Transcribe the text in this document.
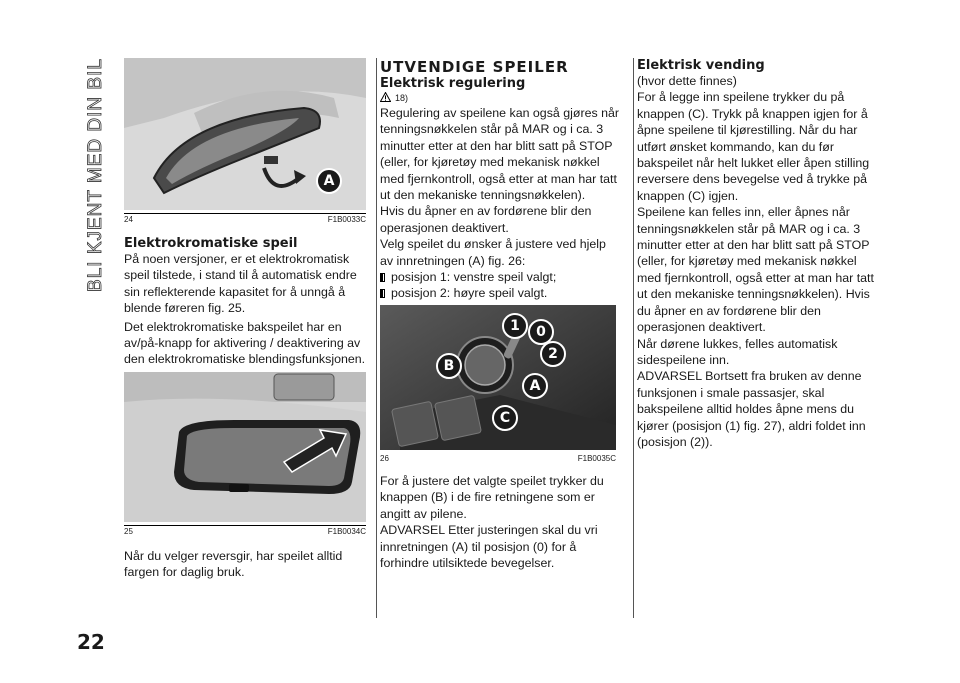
BLI KJENT MED DIN BIL
22
A
24	F1B0033C
Elektrokromatiske speil

På noen versjoner, er et elektrokromatisk speil tilstede, i stand til å automatisk endre sin reflekterende kapasitet for å unngå å blende føreren fig. 25.

Det elektrokromatiske bakspeilet har en av/på-knapp for aktivering / deaktivering av den elektrokromatiske blendingsfunksjonen.

25	F1B0034C

Når du velger reversgir, har speilet alltid fargen for daglig bruk.

UTVENDIGE SPEILER
Elektrisk regulering
18)

Regulering av speilene kan også gjøres når tenningsnøkkelen står på MAR og i ca. 3 minutter etter at den har blitt satt på STOP (eller, for kjøretøy med mekanisk nøkkel med fjernkontroll, også etter at man har tatt ut den mekaniske tenningsnøkkelen).

Hvis du åpner en av fordørene blir den operasjonen deaktivert.

Velg speilet du ønsker å justere ved hjelp av innretningen (A) fig. 26:

posisjon 1: venstre speil valgt;
posisjon 2: høyre speil valgt.
1	0
2
B
A
C
26	F1B0035C

For å justere det valgte speilet trykker du knappen (B) i de fire retningene som er angitt av pilene.

ADVARSEL Etter justeringen skal du vri innretningen (A) til posisjon (0) for å forhindre utilsiktede bevegelser.

Elektrisk vending

(hvor dette finnes)

For å legge inn speilene trykker du på knappen (C). Trykk på knappen igjen for å åpne speilene til kjørestilling. Når du har utført ønsket kommando, kan du før bakspeilet når helt lukket eller åpen stilling reversere dens bevegelse ved å trykke på knappen (C) igjen.

Speilene kan felles inn, eller åpnes når tenningsnøkkelen står på MAR og i ca. 3 minutter etter at den har blitt satt på STOP (eller, for kjøretøy med mekanisk nøkkel med fjernkontroll, også etter at man har tatt ut den mekaniske tenningsnøkkelen). Hvis du åpner en av fordørene blir den operasjonen deaktivert.

Når dørene lukkes, felles automatisk sidespeilene inn.

ADVARSEL Bortsett fra bruken av denne funksjonen i smale passasjer, skal bakspeilene alltid holdes åpne mens du kjører (posisjon (1) fig. 27), aldri foldet inn (posisjon (2)).
